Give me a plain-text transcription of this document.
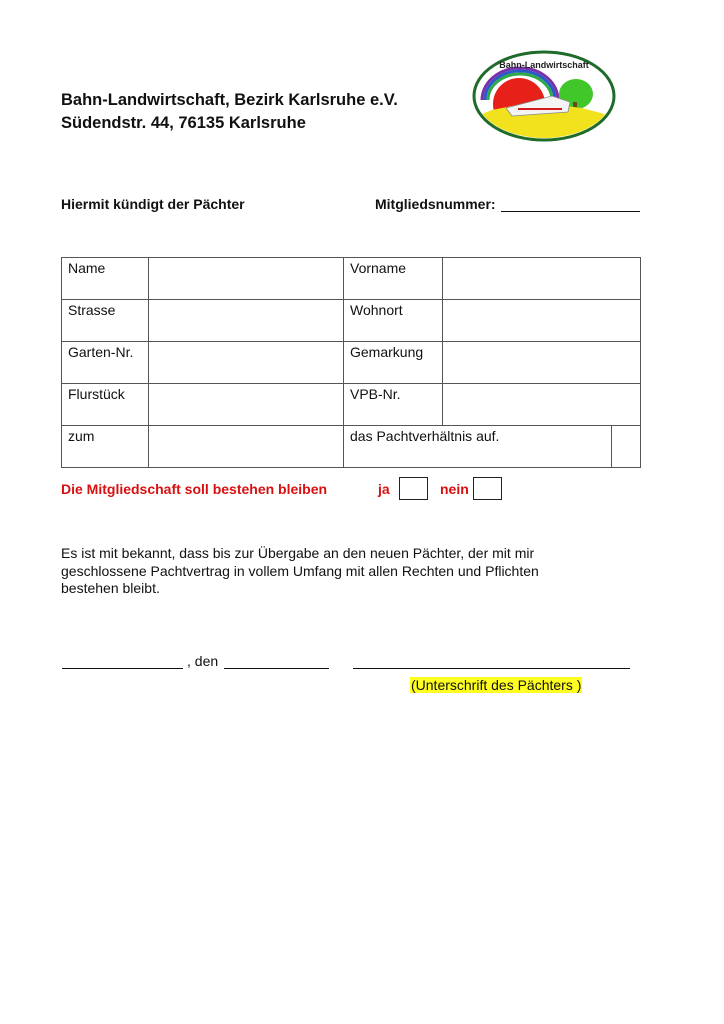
Bahn-Landwirtschaft, Bezirk Karlsruhe e.V.
Südendstr. 44, 76135 Karlsruhe
Bahn-Landwirtschaft
Hiermit kündigt der Pächter	Mitgliedsnummer:
Name		Vorname		
Strasse		Wohnort		
Garten-Nr.		Gemarkung		
Flurstück		VPB-Nr.		
zum		das Pachtverhältnis auf.		
Die Mitgliedschaft soll bestehen bleiben	ja	nein
Es ist mit bekannt, dass bis zur Übergabe an den neuen Pächter, der mit mir geschlossene Pachtvertrag in vollem Umfang mit allen Rechten und Pflichten bestehen bleibt.
, den
(Unterschrift des Pächters )
